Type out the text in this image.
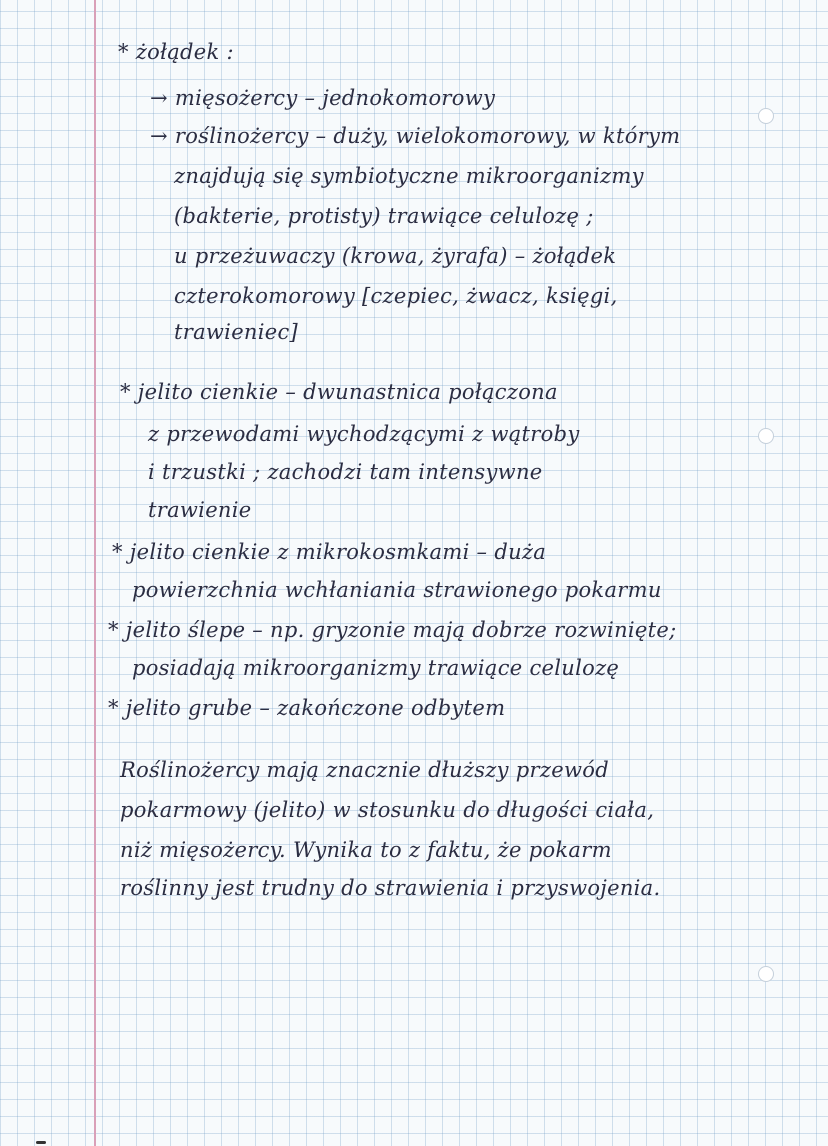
* żołądek :

→ mięsożercy – jednokomorowy

→ roślinożercy – duży, wielokomorowy, w którym

znajdują się symbiotyczne mikroorganizmy

(bakterie, protisty) trawiące celulozę ;

u przeżuwaczy (krowa, żyrafa) – żołądek

czterokomorowy [czepiec, żwacz, księgi,

trawieniec]

* jelito cienkie – dwunastnica połączona

z przewodami wychodzącymi z wątroby

i trzustki ; zachodzi tam intensywne

trawienie

* jelito cienkie z mikrokosmkami – duża

powierzchnia wchłaniania strawionego pokarmu

* jelito ślepe – np. gryzonie mają dobrze rozwinięte;

posiadają mikroorganizmy trawiące celulozę

* jelito grube – zakończone odbytem

Roślinożercy mają znacznie dłuższy przewód

pokarmowy (jelito) w stosunku do długości ciała,

niż mięsożercy. Wynika to z faktu, że pokarm

roślinny jest trudny do strawienia i przyswojenia.
